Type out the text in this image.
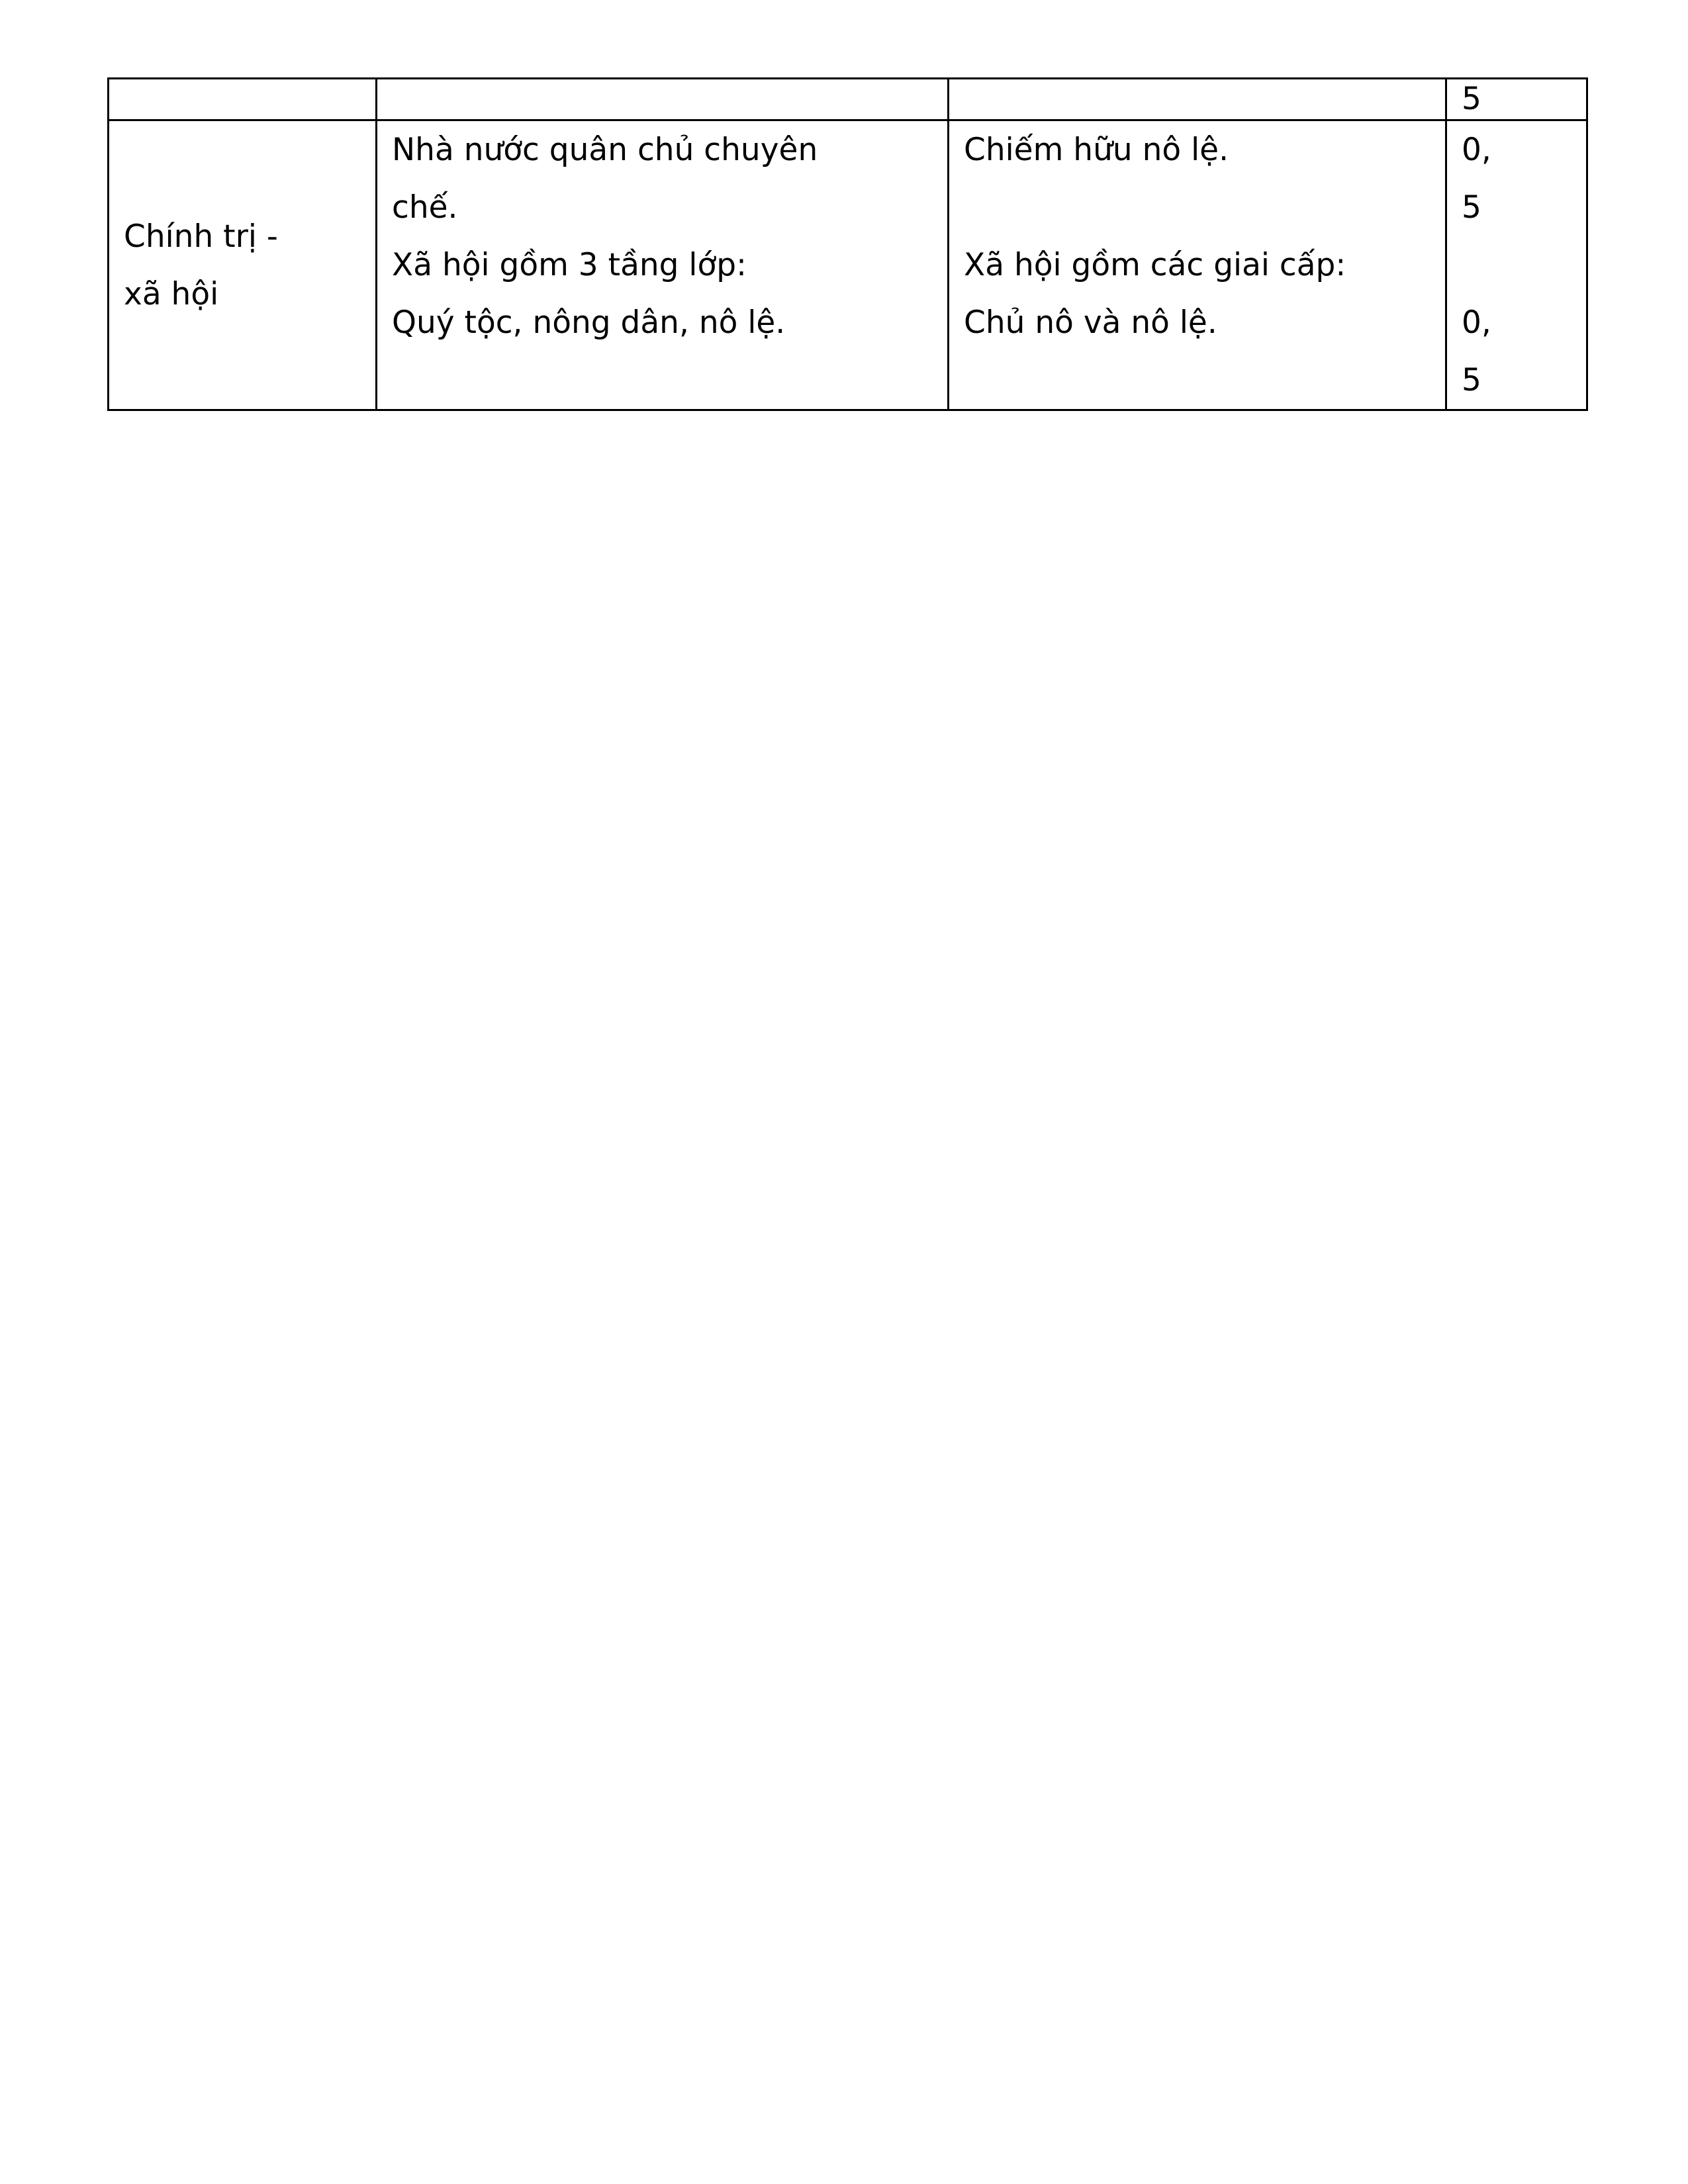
			5

Chính trị -
xã hội	Nhà nước quân chủ chuyên
chế.
Xã hội gồm 3 tầng lớp:
Quý tộc, nông dân, nô lệ.	Chiếm hữu nô lệ.
Xã hội gồm các giai cấp:
Chủ nô và nô lệ.	0,
5
0,
5
